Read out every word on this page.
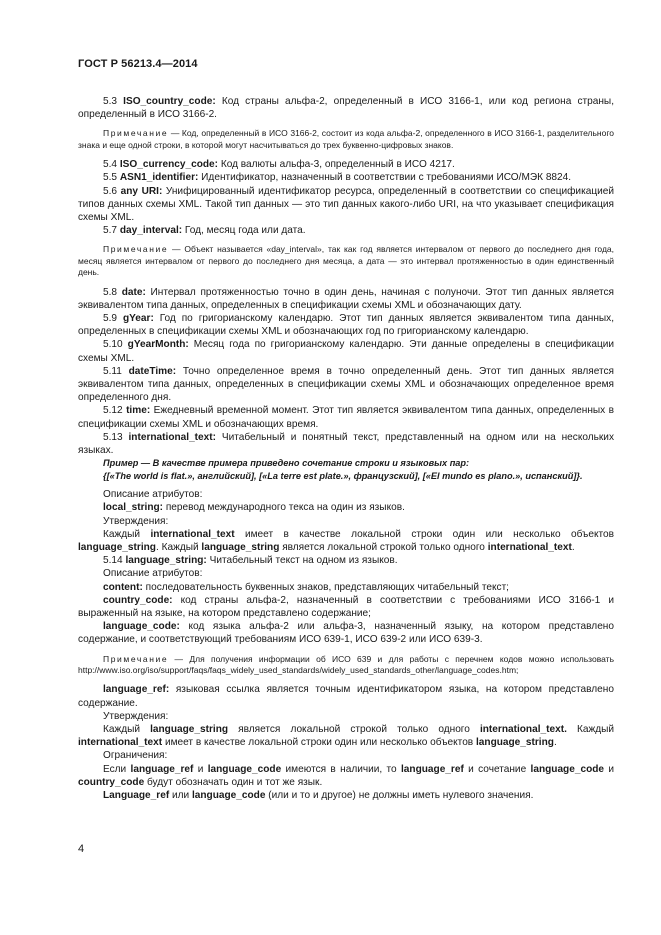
ГОСТ Р 56213.4—2014

5.3 ISO_country_code: Код страны альфа-2, определенный в ИСО 3166-1, или код региона страны, определенный в ИСО 3166-2.

Примечание — Код, определенный в ИСО 3166-2, состоит из кода альфа-2, определенного в ИСО 3166-1, разделительного знака и еще одной строки, в которой могут насчитываться до трех буквенно-цифровых знаков.

5.4 ISO_currency_code: Код валюты альфа-3, определенный в ИСО 4217.

5.5 ASN1_identifier: Идентификатор, назначенный в соответствии с требованиями ИСО/МЭК 8824.

5.6 any URI: Унифицированный идентификатор ресурса, определенный в соответствии со спецификацией типов данных схемы XML. Такой тип данных — это тип данных какого-либо URI, на что указывает спецификация схемы XML.

5.7 day_interval: Год, месяц года или дата.

Примечание — Объект называется «day_interval», так как год является интервалом от первого до последнего дня года, месяц является интервалом от первого до последнего дня месяца, а дата — это интервал протяженностью в один единственный день.

5.8 date: Интервал протяженностью точно в один день, начиная с полуночи. Этот тип данных является эквивалентом типа данных, определенных в спецификации схемы XML и обозначающих дату.

5.9 gYear: Год по григорианскому календарю. Этот тип данных является эквивалентом типа данных, определенных в спецификации схемы XML и обозначающих год по григорианскому календарю.

5.10 gYearMonth: Месяц года по григорианскому календарю. Эти данные определены в спецификации схемы XML.

5.11 dateTime: Точно определенное время в точно определенный день. Этот тип данных является эквивалентом типа данных, определенных в спецификации схемы XML и обозначающих определенное время определенного дня.

5.12 time: Ежедневный временной момент. Этот тип является эквивалентом типа данных, определенных в спецификации схемы XML и обозначающих время.

5.13 international_text: Читабельный и понятный текст, представленный на одном или на нескольких языках.

Пример — В качестве примера приведено сочетание строки и языковых пар:

{[«The world is flat.», английский], [«La terre est plate.», французский], [«El mundo es plano.», испанский]}.

Описание атрибутов:

local_string: перевод международного текса на один из языков.

Утверждения:

Каждый international_text имеет в качестве локальной строки один или несколько объектов language_string. Каждый language_string является локальной строкой только одного international_text.

5.14 language_string: Читабельный текст на одном из языков.

Описание атрибутов:

content: последовательность буквенных знаков, представляющих читабельный текст;

country_code: код страны альфа-2, назначенный в соответствии с требованиями ИСО 3166-1 и выраженный на языке, на котором представлено содержание;

language_code: код языка альфа-2 или альфа-3, назначенный языку, на котором представлено содержание, и соответствующий требованиям ИСО 639-1, ИСО 639-2 или ИСО 639-3.

Примечание — Для получения информации об ИСО 639 и для работы с перечнем кодов можно использовать http://www.iso.org/iso/support/faqs/faqs_widely_used_standards/widely_used_standards_other/language_codes.htm;

language_ref: языковая ссылка является точным идентификатором языка, на котором представлено содержание.

Утверждения:

Каждый language_string является локальной строкой только одного international_text. Каждый international_text имеет в качестве локальной строки один или несколько объектов language_string.

Ограничения:

Если language_ref и language_code имеются в наличии, то language_ref и сочетание language_code и country_code будут обозначать один и тот же язык.

Language_ref или language_code (или и то и другое) не должны иметь нулевого значения.

4
